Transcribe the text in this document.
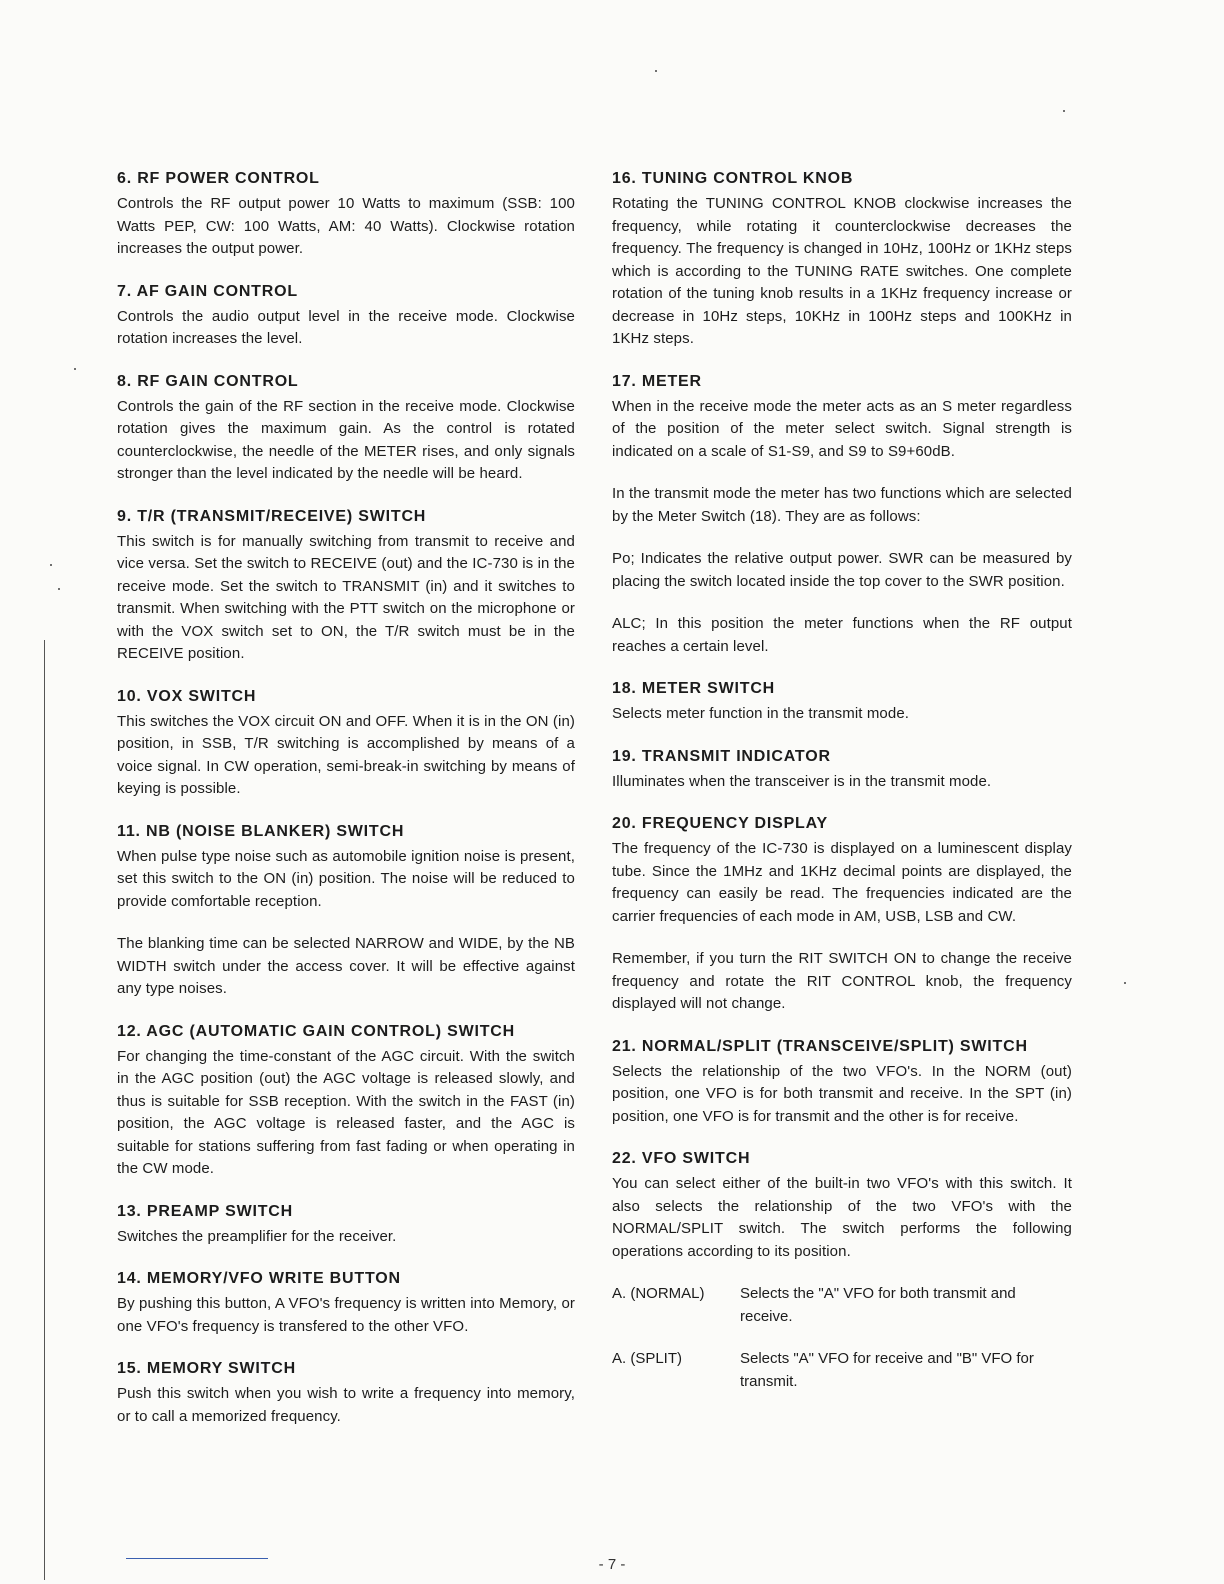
6. RF POWER CONTROL

Controls the RF output power 10 Watts to maximum (SSB: 100 Watts PEP, CW: 100 Watts, AM: 40 Watts). Clockwise rotation increases the output power.

7. AF GAIN CONTROL

Controls the audio output level in the receive mode. Clockwise rotation increases the level.

8. RF GAIN CONTROL

Controls the gain of the RF section in the receive mode. Clockwise rotation gives the maximum gain. As the control is rotated counterclockwise, the needle of the METER rises, and only signals stronger than the level indicated by the needle will be heard.

9. T/R (TRANSMIT/RECEIVE) SWITCH

This switch is for manually switching from transmit to receive and vice versa. Set the switch to RECEIVE (out) and the IC-730 is in the receive mode. Set the switch to TRANSMIT (in) and it switches to transmit. When switching with the PTT switch on the microphone or with the VOX switch set to ON, the T/R switch must be in the RECEIVE position.

10. VOX SWITCH

This switches the VOX circuit ON and OFF. When it is in the ON (in) position, in SSB, T/R switching is accomplished by means of a voice signal. In CW operation, semi-break-in switching by means of keying is possible.

11. NB (NOISE BLANKER) SWITCH

When pulse type noise such as automobile ignition noise is present, set this switch to the ON (in) position. The noise will be reduced to provide comfortable reception.

The blanking time can be selected NARROW and WIDE, by the NB WIDTH switch under the access cover. It will be effective against any type noises.

12. AGC (AUTOMATIC GAIN CONTROL) SWITCH

For changing the time-constant of the AGC circuit. With the switch in the AGC position (out) the AGC voltage is released slowly, and thus is suitable for SSB reception. With the switch in the FAST (in) position, the AGC voltage is released faster, and the AGC is suitable for stations suffering from fast fading or when operating in the CW mode.

13. PREAMP SWITCH

Switches the preamplifier for the receiver.

14. MEMORY/VFO WRITE BUTTON

By pushing this button, A VFO's frequency is written into Memory, or one VFO's frequency is transfered to the other VFO.

15. MEMORY SWITCH

Push this switch when you wish to write a frequency into memory, or to call a memorized frequency.

16. TUNING CONTROL KNOB

Rotating the TUNING CONTROL KNOB clockwise increases the frequency, while rotating it counterclockwise decreases the frequency. The frequency is changed in 10Hz, 100Hz or 1KHz steps which is according to the TUNING RATE switches. One complete rotation of the tuning knob results in a 1KHz frequency increase or decrease in 10Hz steps, 10KHz in 100Hz steps and 100KHz in 1KHz steps.

17. METER

When in the receive mode the meter acts as an S meter regardless of the position of the meter select switch. Signal strength is indicated on a scale of S1-S9, and S9 to S9+60dB.

In the transmit mode the meter has two functions which are selected by the Meter Switch (18). They are as follows:

Po; Indicates the relative output power. SWR can be measured by placing the switch located inside the top cover to the SWR position.

ALC; In this position the meter functions when the RF output reaches a certain level.

18. METER SWITCH

Selects meter function in the transmit mode.

19. TRANSMIT INDICATOR

Illuminates when the transceiver is in the transmit mode.

20. FREQUENCY DISPLAY

The frequency of the IC-730 is displayed on a luminescent display tube. Since the 1MHz and 1KHz decimal points are displayed, the frequency can easily be read. The frequencies indicated are the carrier frequencies of each mode in AM, USB, LSB and CW.

Remember, if you turn the RIT SWITCH ON to change the receive frequency and rotate the RIT CONTROL knob, the frequency displayed will not change.

21. NORMAL/SPLIT (TRANSCEIVE/SPLIT) SWITCH

Selects the relationship of the two VFO's. In the NORM (out) position, one VFO is for both transmit and receive. In the SPT (in) position, one VFO is for transmit and the other is for receive.

22. VFO SWITCH

You can select either of the built-in two VFO's with this switch. It also selects the relationship of the two VFO's with the NORMAL/SPLIT switch. The switch performs the following operations according to its position.

A. (NORMAL)	Selects the "A" VFO for both transmit and receive.
A. (SPLIT)	Selects "A" VFO for receive and "B" VFO for transmit.
- 7 -
